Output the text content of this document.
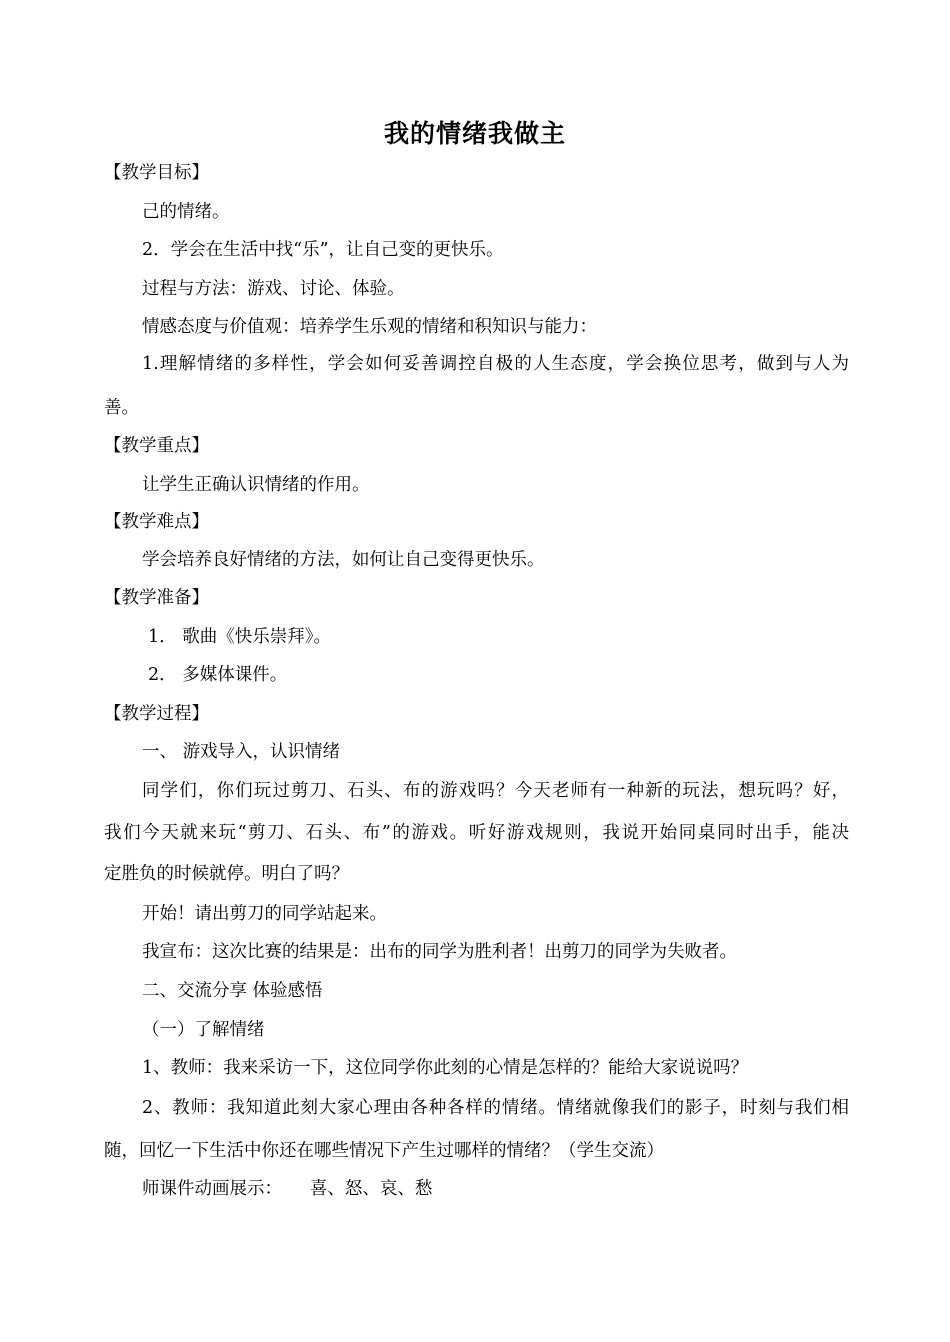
我的情绪我做主
【教学目标】
己的情绪。
2．学会在生活中找“乐”，让自己变的更快乐。
过程与方法：游戏、讨论、体验。
情感态度与价值观：培养学生乐观的情绪和积知识与能力：
1.理解情绪的多样性，学会如何妥善调控自极的人生态度，学会换位思考，做到与人为
善。
【教学重点】
让学生正确认识情绪的作用。
【教学难点】
学会培养良好情绪的方法，如何让自己变得更快乐。
【教学准备】
1． 歌曲《快乐崇拜》。
2． 多媒体课件。
【教学过程】
一、 游戏导入，认识情绪
同学们，你们玩过剪刀、石头、布的游戏吗？今天老师有一种新的玩法，想玩吗？好，
我们今天就来玩“剪刀、石头、布”的游戏。听好游戏规则，我说开始同桌同时出手，能决
定胜负的时候就停。明白了吗？
开始！请出剪刀的同学站起来。
我宣布：这次比赛的结果是：出布的同学为胜利者！出剪刀的同学为失败者。
二、交流分享 体验感悟
（一）了解情绪
1、教师：我来采访一下，这位同学你此刻的心情是怎样的？能给大家说说吗？
2、教师：我知道此刻大家心理由各种各样的情绪。情绪就像我们的影子，时刻与我们相
随，回忆一下生活中你还在哪些情况下产生过哪样的情绪？（学生交流）
师课件动画展示：     喜、怒、哀、愁
